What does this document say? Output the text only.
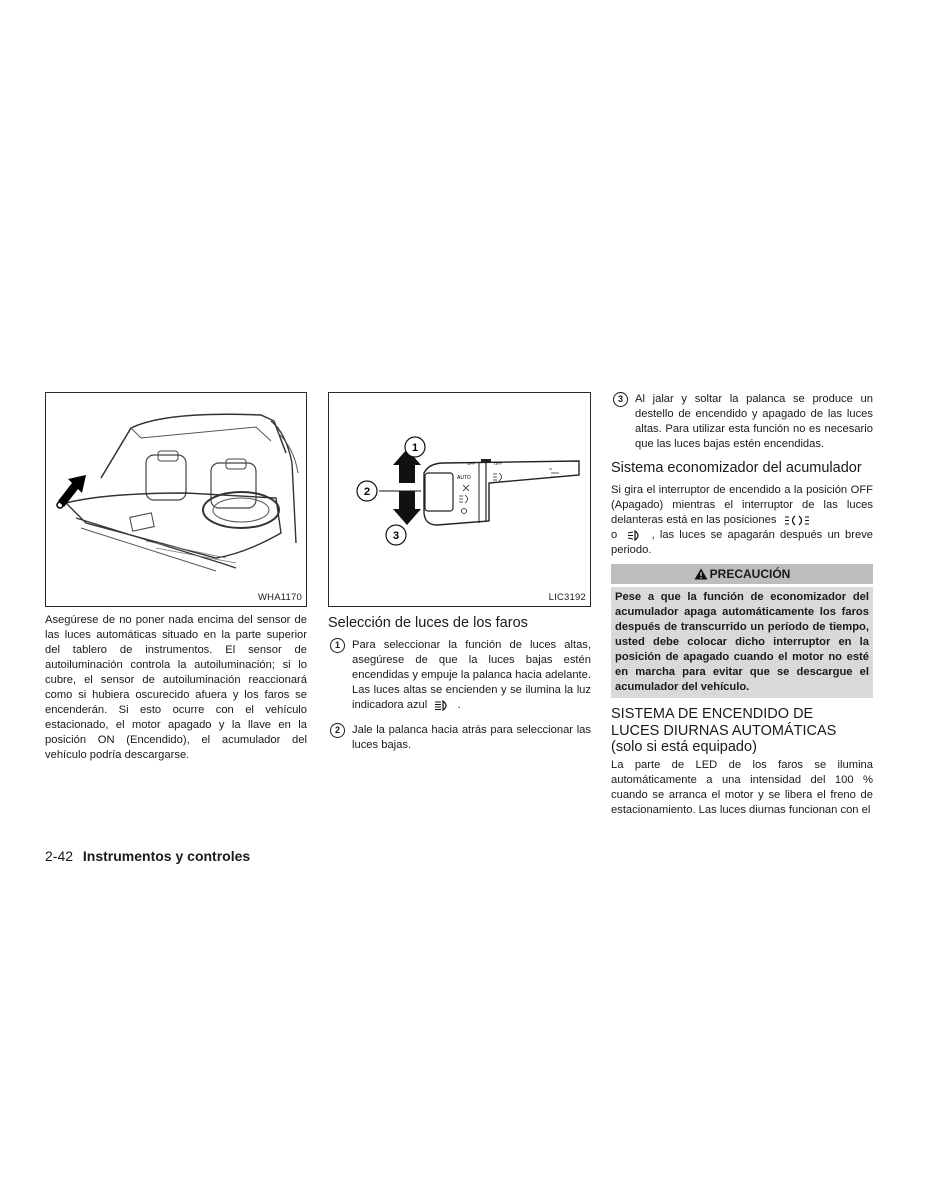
WHA1170

Asegúrese de no poner nada encima del sensor de las luces automáticas situado en la parte superior del tablero de instrumentos. El sensor de autoiluminación controla la autoiluminación; si lo cubre, el sensor de autoiluminación reaccionará como si hubiera oscurecido afuera y los faros se encenderán. Si esto ocurre con el vehículo estacionado, el motor apagado y la llave en la posición ON (Encendido), el acumulador del vehículo podría descargarse.

AUTO
OFF	OFF
1
2
3
LIC3192
Selección de luces de los faros
1	Para seleccionar la función de luces altas, asegúrese de que la luces bajas estén encendidas y empuje la palanca hacia adelante. Las luces altas se encienden y se ilumina la luz indicadora azul	.

2	Jale la palanca hacia atrás para seleccionar las luces bajas.

3	Al jalar y soltar la palanca se produce un destello de encendido y apagado de las luces altas. Para utilizar esta función no es necesario que las luces bajas estén encendidas.

Sistema economizador del acumulador

Si gira el interruptor de encendido a la posición OFF (Apagado) mientras el interruptor de las luces delanteras está en las posiciones
o	, las luces se apagarán después un breve periodo.

PRECAUCIÓN
Pese a que la función de economizador del acumulador apaga automáticamente los faros después de transcurrido un período de tiempo, usted debe colocar dicho interruptor en la posición de apagado cuando el motor no esté en marcha para evitar que se descargue el acumulador del vehículo.
SISTEMA DE ENCENDIDO DE
LUCES DIURNAS AUTOMÁTICAS
(solo si está equipado)

La parte de LED de los faros se ilumina automáticamente a una intensidad del 100 % cuando se arranca el motor y se libera el freno de estacionamiento. Las luces diurnas funcionan con el

2-42 Instrumentos y controles
